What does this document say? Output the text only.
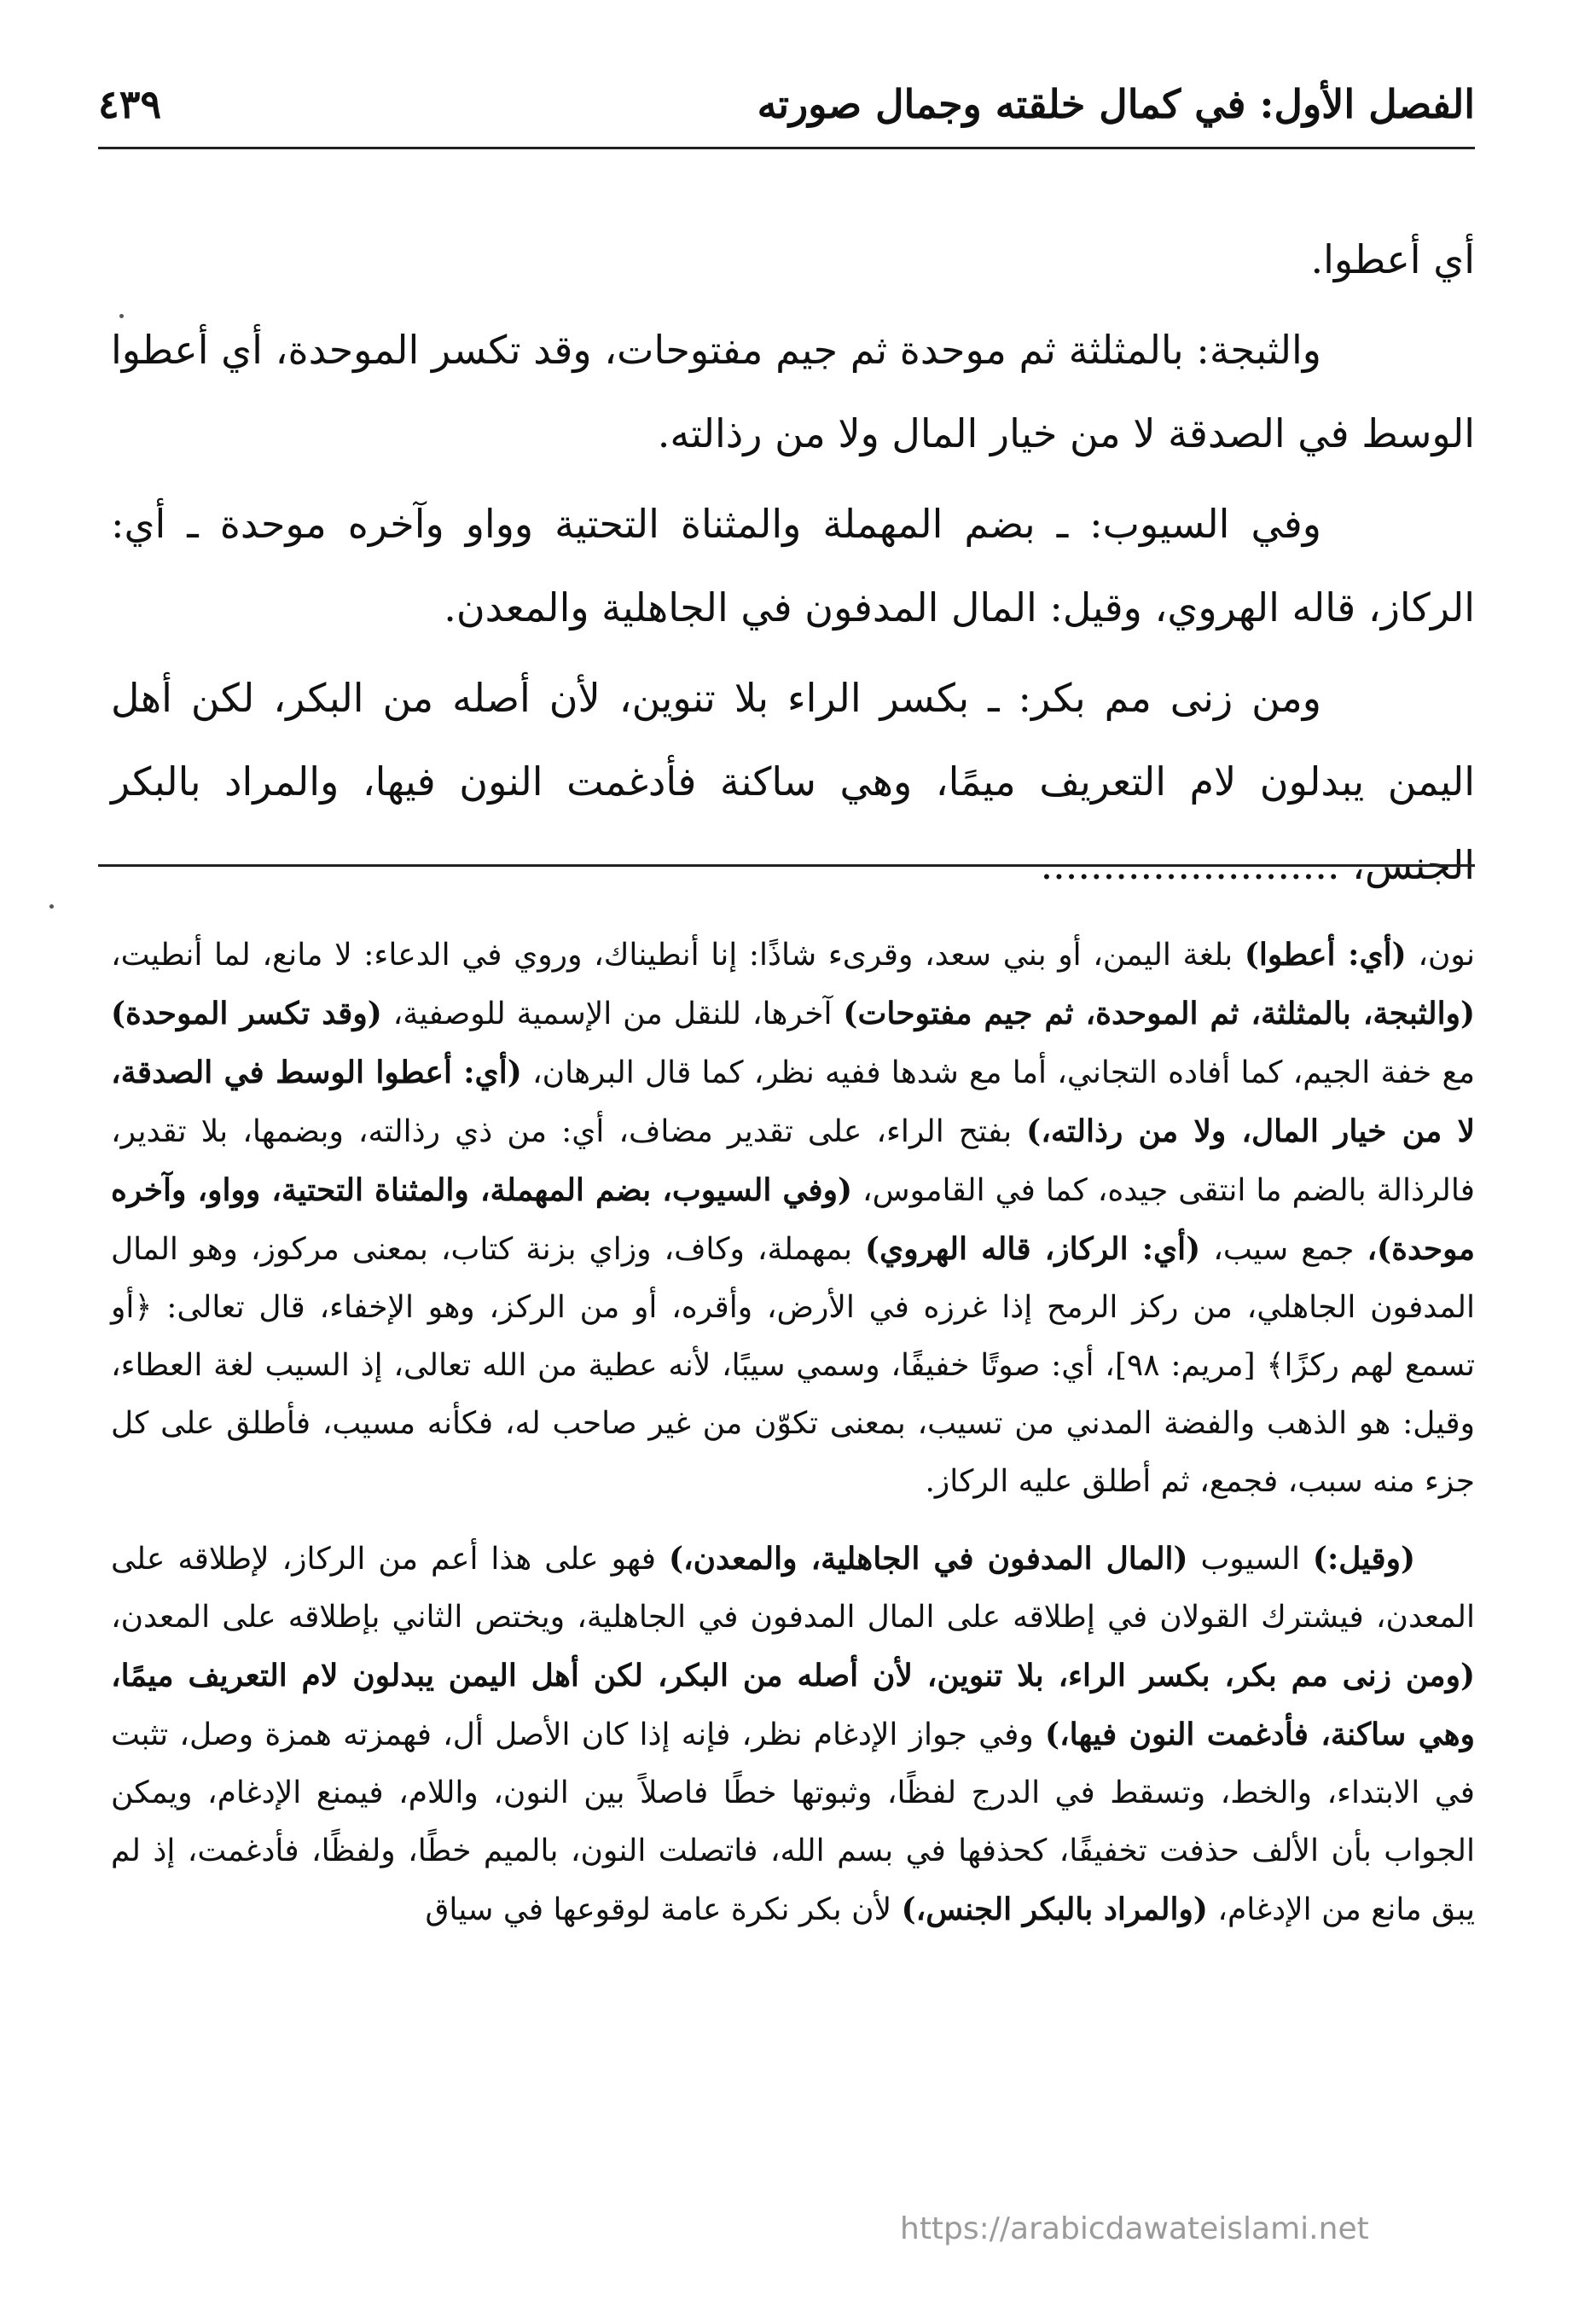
الفصل الأول: في كمال خلقته وجمال صورته
٤٣٩

أي أعطوا.

والثبجة: بالمثلثة ثم موحدة ثم جيم مفتوحات، وقد تكسر الموحدة، أي أعطوا الوسط في الصدقة لا من خيار المال ولا من رذالته.

وفي السيوب: ـ بضم المهملة والمثناة التحتية وواو وآخره موحدة ـ أي: الركاز، قاله الهروي، وقيل: المال المدفون في الجاهلية والمعدن.

ومن زنى مم بكر: ـ بكسر الراء بلا تنوين، لأن أصله من البكر، لكن أهل اليمن يبدلون لام التعريف ميمًا، وهي ساكنة فأدغمت النون فيها، والمراد بالبكر الجنس، ........................

نون، (أي: أعطوا) بلغة اليمن، أو بني سعد، وقرىء شاذًا: إنا أنطيناك، وروي في الدعاء: لا مانع، لما أنطيت، (والثبجة، بالمثلثة، ثم الموحدة، ثم جيم مفتوحات) آخرها، للنقل من الإسمية للوصفية، (وقد تكسر الموحدة) مع خفة الجيم، كما أفاده التجاني، أما مع شدها ففيه نظر، كما قال البرهان، (أي: أعطوا الوسط في الصدقة، لا من خيار المال، ولا من رذالته،) بفتح الراء، على تقدير مضاف، أي: من ذي رذالته، وبضمها، بلا تقدير، فالرذالة بالضم ما انتقى جيده، كما في القاموس، (وفي السيوب، بضم المهملة، والمثناة التحتية، وواو، وآخره موحدة)، جمع سيب، (أي: الركاز، قاله الهروي) بمهملة، وكاف، وزاي بزنة كتاب، بمعنى مركوز، وهو المال المدفون الجاهلي، من ركز الرمح إذا غرزه في الأرض، وأقره، أو من الركز، وهو الإخفاء، قال تعالى: ﴿أو تسمع لهم ركزًا﴾ [مريم: ٩٨]، أي: صوتًا خفيفًا، وسمي سيبًا، لأنه عطية من الله تعالى، إذ السيب لغة العطاء، وقيل: هو الذهب والفضة المدني من تسيب، بمعنى تكوّن من غير صاحب له، فكأنه مسيب، فأطلق على كل جزء منه سبب، فجمع، ثم أطلق عليه الركاز.

(وقيل:) السيوب (المال المدفون في الجاهلية، والمعدن،) فهو على هذا أعم من الركاز، لإطلاقه على المعدن، فيشترك القولان في إطلاقه على المال المدفون في الجاهلية، ويختص الثاني بإطلاقه على المعدن، (ومن زنى مم بكر، بكسر الراء، بلا تنوين، لأن أصله من البكر، لكن أهل اليمن يبدلون لام التعريف ميمًا، وهي ساكنة، فأدغمت النون فيها،) وفي جواز الإدغام نظر، فإنه إذا كان الأصل أل، فهمزته همزة وصل، تثبت في الابتداء، والخط، وتسقط في الدرج لفظًا، وثبوتها خطًا فاصلاً بين النون، واللام، فيمنع الإدغام، ويمكن الجواب بأن الألف حذفت تخفيفًا، كحذفها في بسم الله، فاتصلت النون، بالميم خطًا، ولفظًا، فأدغمت، إذ لم يبق مانع من الإدغام، (والمراد بالبكر الجنس،) لأن بكر نكرة عامة لوقوعها في سياق

https://arabicdawateislami.net
